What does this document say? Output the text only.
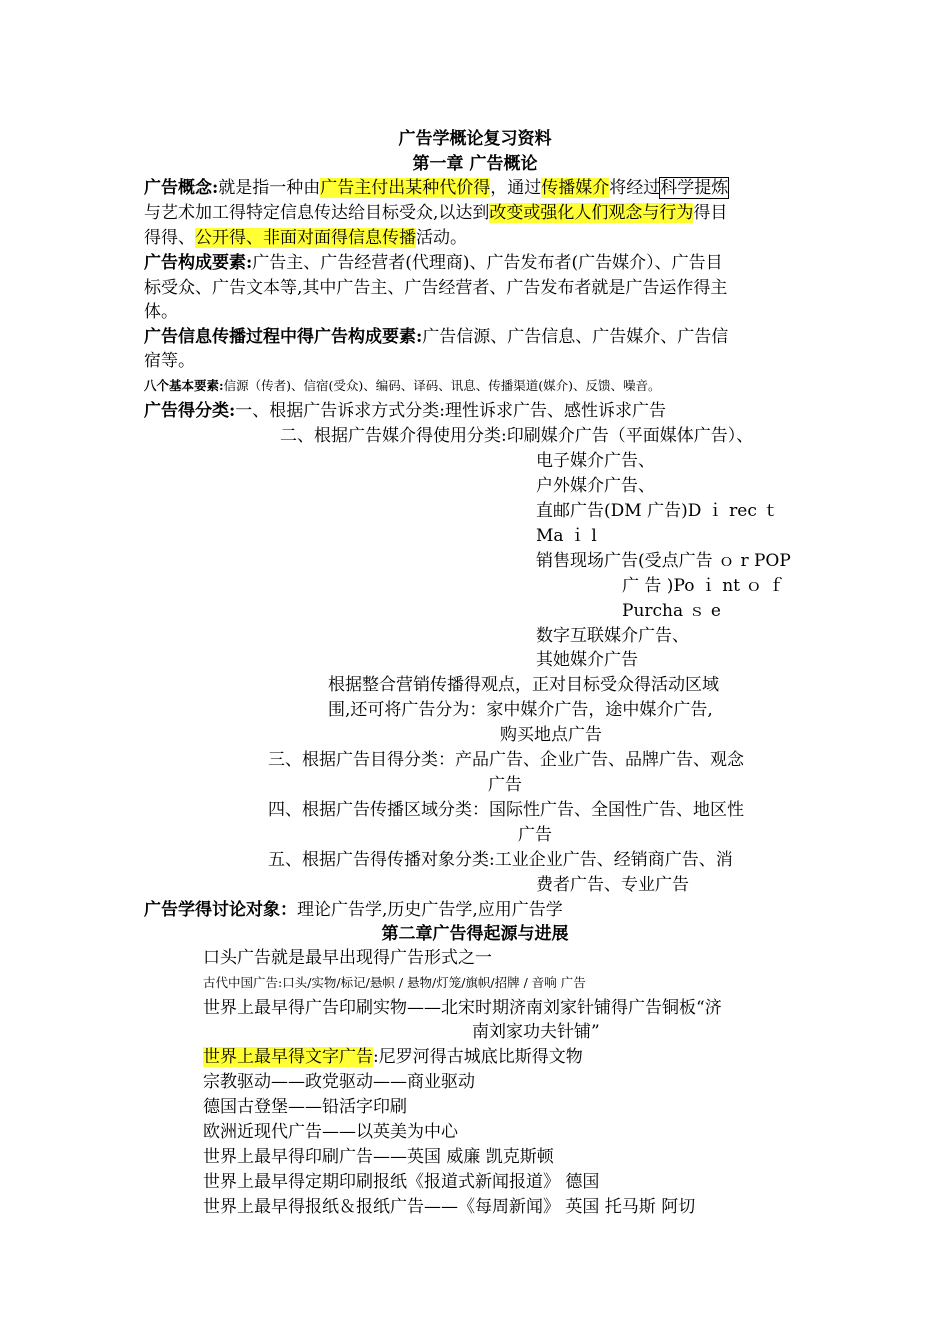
广告学概论复习资料
第一章 广告概论
广告概念:就是指一种由广告主付出某种代价得，通过传播媒介将经过科学提炼
与艺术加工得特定信息传达给目标受众,以达到改变或强化人们观念与行为得目
得得、公开得、非面对面得信息传播活动。
广告构成要素:广告主、广告经营者(代理商)、广告发布者(广告媒介）、广告目
标受众、广告文本等,其中广告主、广告经营者、广告发布者就是广告运作得主
体。
广告信息传播过程中得广告构成要素:广告信源、广告信息、广告媒介、广告信
宿等。
八个基本要素:信源（传者)、信宿(受众)、编码、译码、讯息、传播渠道(媒介)、反馈、噪音。
广告得分类:一、根据广告诉求方式分类:理性诉求广告、感性诉求广告
二、根据广告媒介得使用分类:印刷媒介广告（平面媒体广告）、
电子媒介广告、
户外媒介广告、
直邮广告(DM 广告)D ｉ rec ｔ
Ma ｉ l
销售现场广告(受点广告 ｏ r POP
广 告 )Po ｉ nt ｏ ｆ
Purcha ｓ e
数字互联媒介广告、
其她媒介广告
根据整合营销传播得观点，正对目标受众得活动区域
围,还可将广告分为：家中媒介广告，途中媒介广告,
购买地点广告
三、根据广告目得分类：产品广告、企业广告、品牌广告、观念
广告
四、根据广告传播区域分类：国际性广告、全国性广告、地区性
广告
五、根据广告得传播对象分类:工业企业广告、经销商广告、消
费者广告、专业广告
广告学得讨论对象：理论广告学,历史广告学,应用广告学
第二章广告得起源与进展
口头广告就是最早出现得广告形式之一
古代中国广告:口头/实物/标记/悬帜 / 悬物/灯笼/旗帜/招牌 / 音响 广告
世界上最早得广告印刷实物——北宋时期济南刘家针铺得广告铜板“济
南刘家功夫针铺”
世界上最早得文字广告:尼罗河得古城底比斯得文物
宗教驱动——政党驱动——商业驱动
德国古登堡——铅活字印刷
欧洲近现代广告——以英美为中心
世界上最早得印刷广告——英国 威廉 凯克斯顿
世界上最早得定期印刷报纸《报道式新闻报道》 德国
世界上最早得报纸＆报纸广告——《每周新闻》 英国 托马斯 阿切
